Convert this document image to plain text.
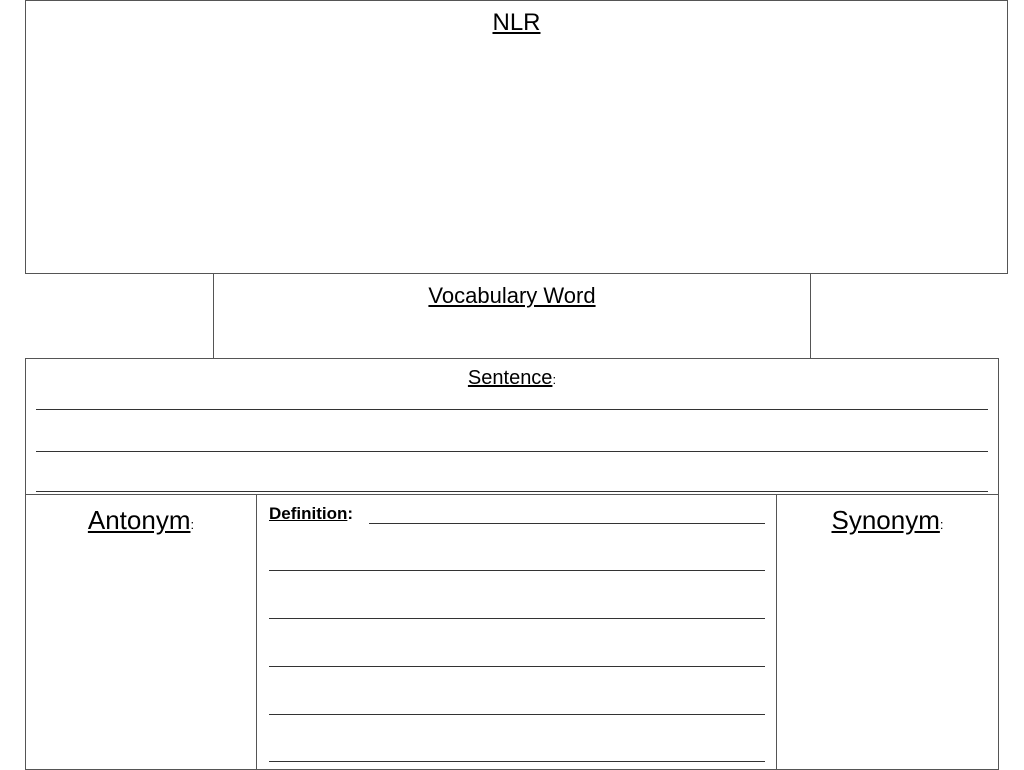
NLR
Vocabulary Word
Sentence:
Antonym:
Definition:	Synonym:
